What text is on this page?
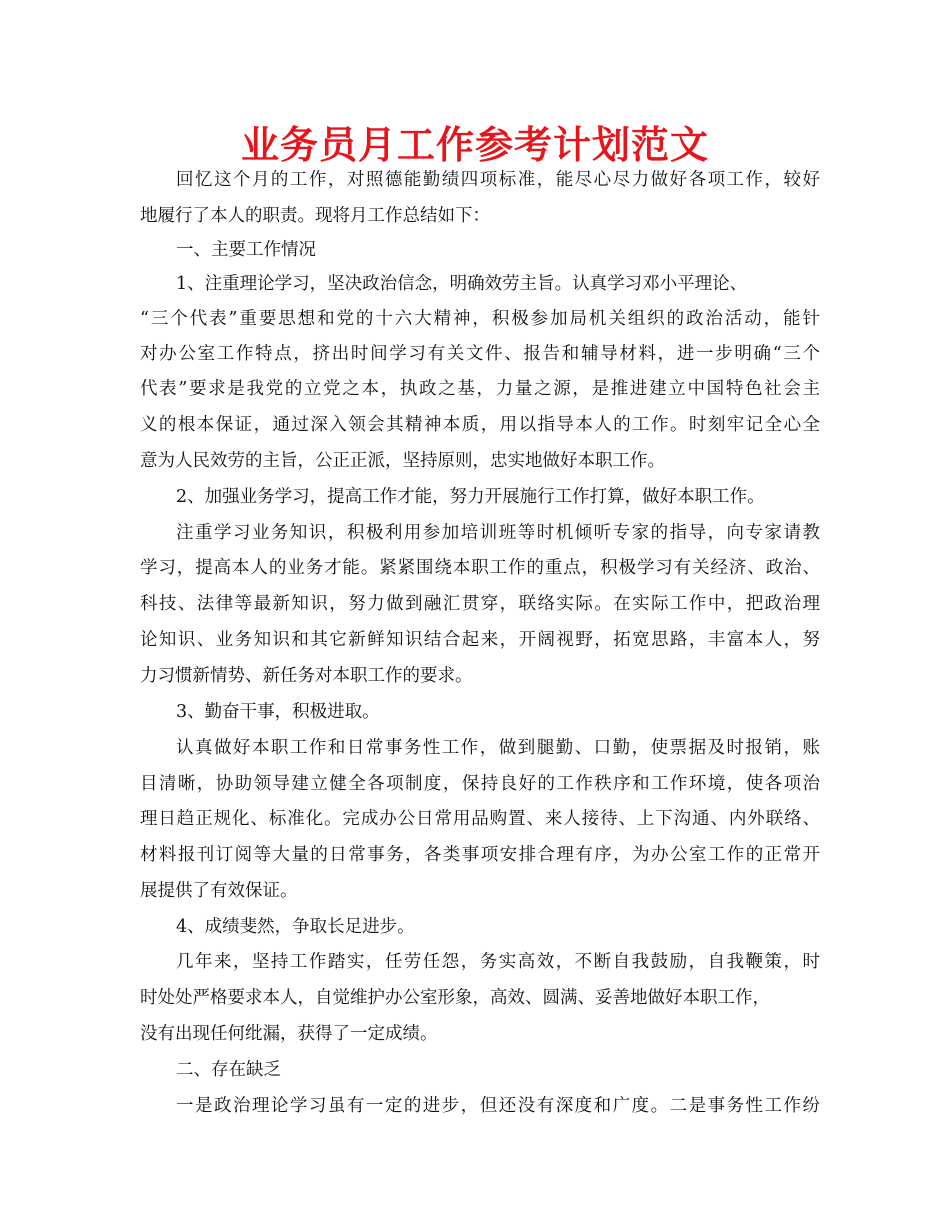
业务员月工作参考计划范文
回忆这个月的工作，对照德能勤绩四项标准，能尽心尽力做好各项工作，较好
地履行了本人的职责。现将月工作总结如下：
一、主要工作情况
1、注重理论学习，坚决政治信念，明确效劳主旨。认真学习邓小平理论、
“三个代表”重要思想和党的十六大精神，积极参加局机关组织的政治活动，能针
对办公室工作特点，挤出时间学习有关文件、报告和辅导材料，进一步明确“三个
代表”要求是我党的立党之本，执政之基，力量之源，是推进建立中国特色社会主
义的根本保证，通过深入领会其精神本质，用以指导本人的工作。时刻牢记全心全
意为人民效劳的主旨，公正正派，坚持原则，忠实地做好本职工作。
2、加强业务学习，提高工作才能，努力开展施行工作打算，做好本职工作。
注重学习业务知识，积极利用参加培训班等时机倾听专家的指导，向专家请教
学习，提高本人的业务才能。紧紧围绕本职工作的重点，积极学习有关经济、政治、
科技、法律等最新知识，努力做到融汇贯穿，联络实际。在实际工作中，把政治理
论知识、业务知识和其它新鲜知识结合起来，开阔视野，拓宽思路，丰富本人，努
力习惯新情势、新任务对本职工作的要求。
3、勤奋干事，积极进取。
认真做好本职工作和日常事务性工作，做到腿勤、口勤，使票据及时报销，账
目清晰，协助领导建立健全各项制度，保持良好的工作秩序和工作环境，使各项治
理日趋正规化、标准化。完成办公日常用品购置、来人接待、上下沟通、内外联络、
材料报刊订阅等大量的日常事务，各类事项安排合理有序，为办公室工作的正常开
展提供了有效保证。
4、成绩斐然，争取长足进步。
几年来，坚持工作踏实，任劳任怨，务实高效，不断自我鼓励，自我鞭策，时
时处处严格要求本人，自觉维护办公室形象，高效、圆满、妥善地做好本职工作，
没有出现任何纰漏，获得了一定成绩。
二、存在缺乏
一是政治理论学习虽有一定的进步，但还没有深度和广度。二是事务性工作纷
